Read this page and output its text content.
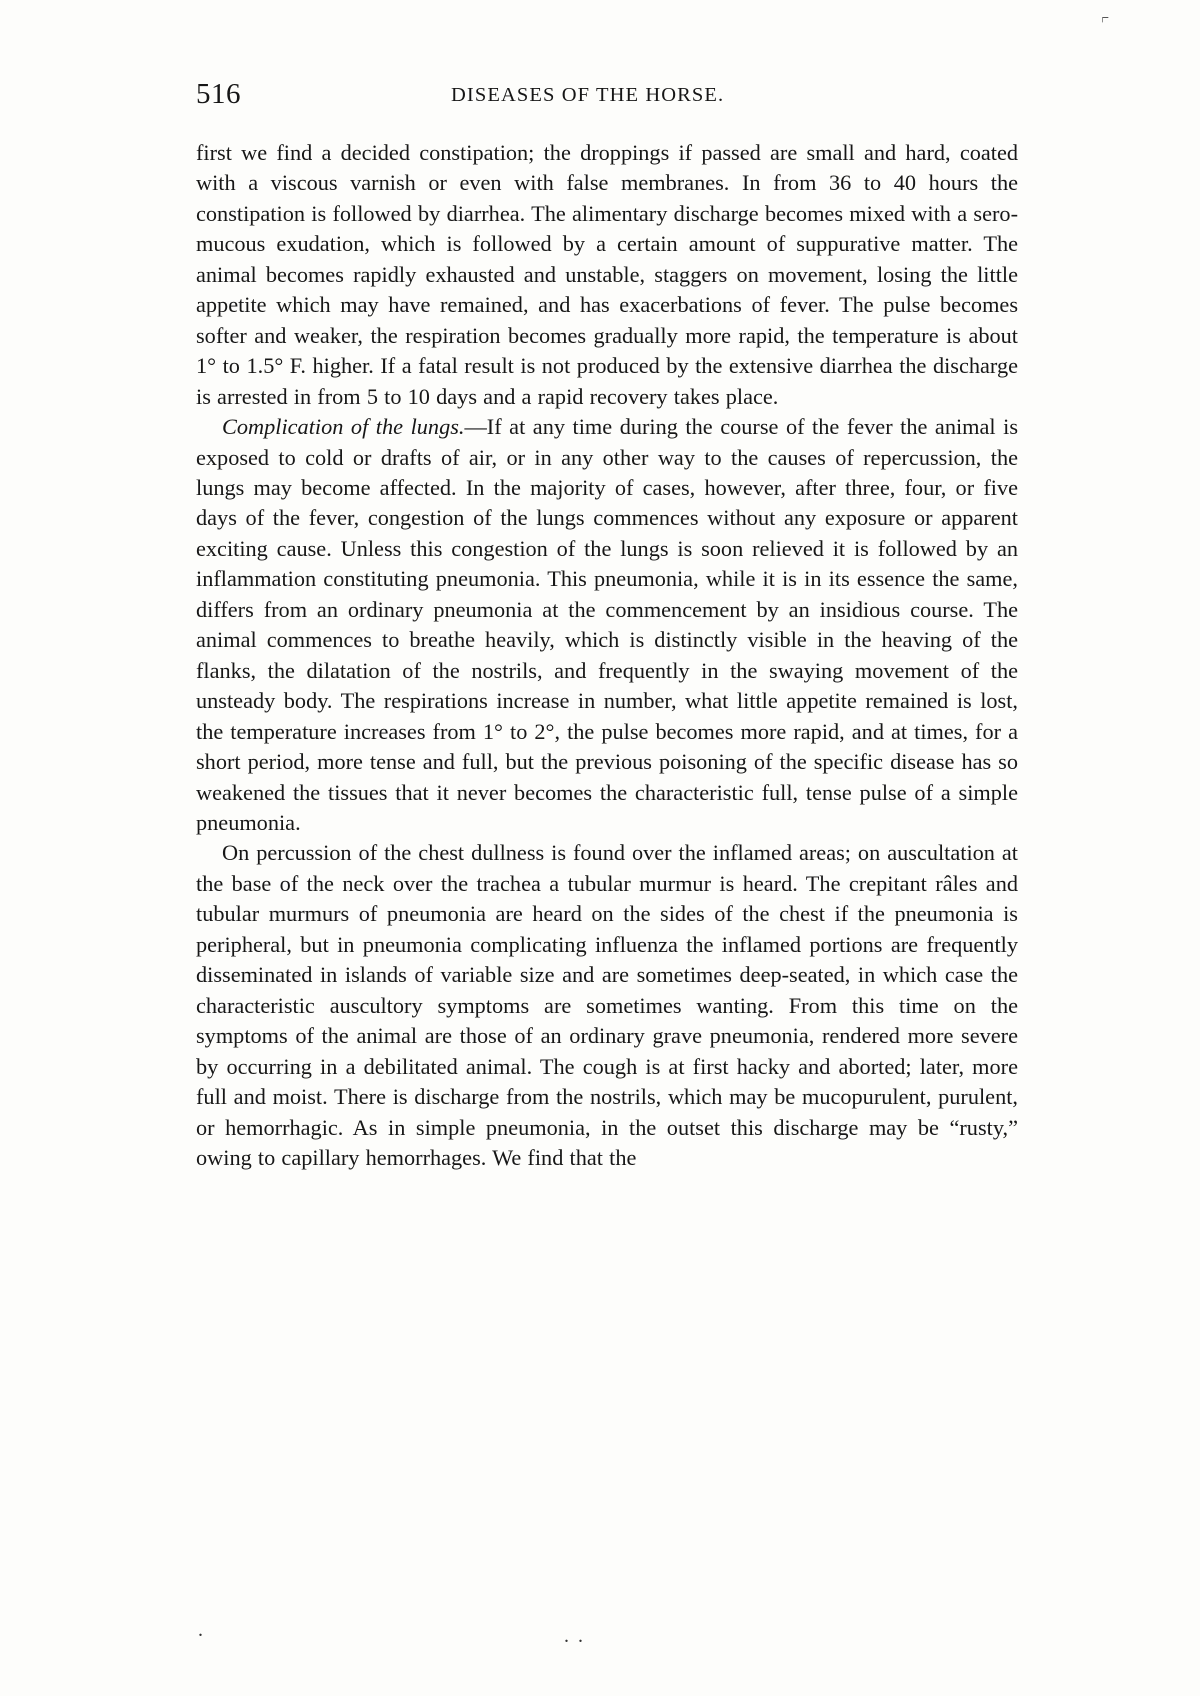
⌐
516	DISEASES OF THE HORSE.

first we find a decided constipation; the droppings if passed are small and hard, coated with a viscous varnish or even with false membranes. In from 36 to 40 hours the constipation is followed by diarrhea. The alimentary discharge becomes mixed with a sero-mucous exudation, which is followed by a certain amount of suppurative matter. The animal becomes rapidly exhausted and unstable, staggers on movement, losing the little appetite which may have remained, and has exacerbations of fever. The pulse becomes softer and weaker, the respiration becomes gradually more rapid, the temperature is about 1° to 1.5° F. higher. If a fatal result is not produced by the extensive diarrhea the discharge is arrested in from 5 to 10 days and a rapid recovery takes place.

Complication of the lungs.—If at any time during the course of the fever the animal is exposed to cold or drafts of air, or in any other way to the causes of repercussion, the lungs may become affected. In the majority of cases, however, after three, four, or five days of the fever, congestion of the lungs commences without any exposure or apparent exciting cause. Unless this congestion of the lungs is soon relieved it is followed by an inflammation constituting pneumonia. This pneumonia, while it is in its essence the same, differs from an ordinary pneumonia at the commencement by an insidious course. The animal commences to breathe heavily, which is distinctly visible in the heaving of the flanks, the dilatation of the nostrils, and frequently in the swaying movement of the unsteady body. The respirations increase in number, what little appetite remained is lost, the temperature increases from 1° to 2°, the pulse becomes more rapid, and at times, for a short period, more tense and full, but the previous poisoning of the specific disease has so weakened the tissues that it never becomes the characteristic full, tense pulse of a simple pneumonia.

On percussion of the chest dullness is found over the inflamed areas; on auscultation at the base of the neck over the trachea a tubular murmur is heard. The crepitant râles and tubular murmurs of pneumonia are heard on the sides of the chest if the pneumonia is peripheral, but in pneumonia complicating influenza the inflamed portions are frequently disseminated in islands of variable size and are sometimes deep-seated, in which case the characteristic auscultory symptoms are sometimes wanting. From this time on the symptoms of the animal are those of an ordinary grave pneumonia, rendered more severe by occurring in a debilitated animal. The cough is at first hacky and aborted; later, more full and moist. There is discharge from the nostrils, which may be mucopurulent, purulent, or hemorrhagic. As in simple pneumonia, in the outset this discharge may be “rusty,” owing to capillary hemorrhages. We find that the

.	. .
